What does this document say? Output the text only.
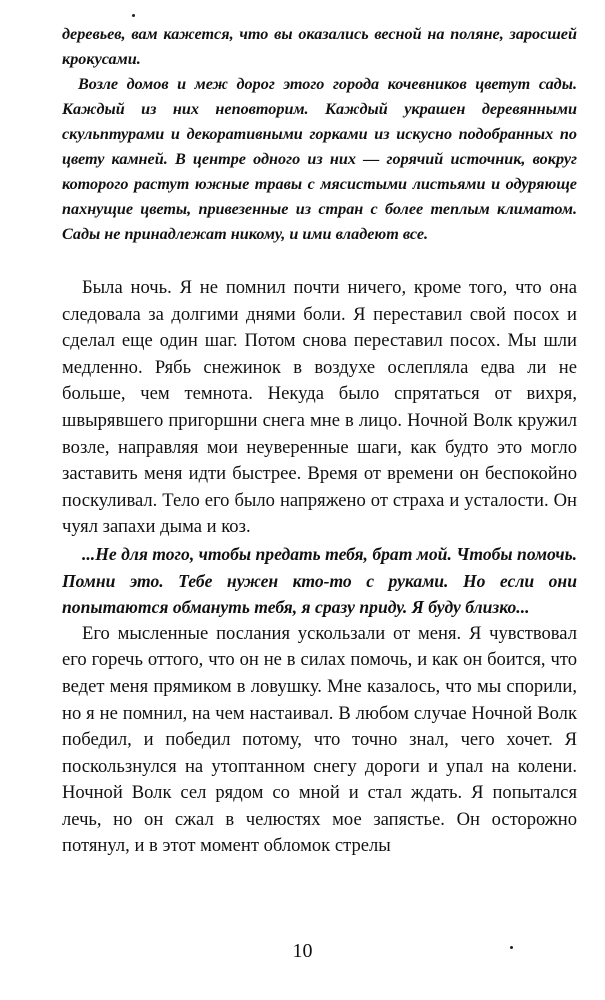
деревьев, вам кажется, что вы оказались весной на поляне, заросшей крокусами.

Возле домов и меж дорог этого города кочевников цветут сады. Каждый из них неповторим. Каждый украшен деревянными скульптурами и декоративными горками из искусно подобранных по цвету камней. В центре одного из них — горячий источник, вокруг которого растут южные травы с мясистыми листьями и одуряюще пахнущие цветы, привезенные из стран с более теплым климатом. Сады не принадлежат никому, и ими владеют все.

Была ночь. Я не помнил почти ничего, кроме того, что она следовала за долгими днями боли. Я переставил свой посох и сделал еще один шаг. Потом снова переставил посох. Мы шли медленно. Рябь снежинок в воздухе ослепляла едва ли не больше, чем темнота. Некуда было спрятаться от вихря, швырявшего пригоршни снега мне в лицо. Ночной Волк кружил возле, направляя мои неуверенные шаги, как будто это могло заставить меня идти быстрее. Время от времени он беспокойно поскуливал. Тело его было напряжено от страха и усталости. Он чуял запахи дыма и коз.

...Не для того, чтобы предать тебя, брат мой. Чтобы помочь. Помни это. Тебе нужен кто-то с руками. Но если они попытаются обмануть тебя, я сразу приду. Я буду близко...

Его мысленные послания ускользали от меня. Я чувствовал его горечь оттого, что он не в силах помочь, и как он боится, что ведет меня прямиком в ловушку. Мне казалось, что мы спорили, но я не помнил, на чем настаивал. В любом случае Ночной Волк победил, и победил потому, что точно знал, чего хочет. Я поскользнулся на утоптанном снегу дороги и упал на колени. Ночной Волк сел рядом со мной и стал ждать. Я попытался лечь, но он сжал в челюстях мое запястье. Он осторожно потянул, и в этот момент обломок стрелы

10
